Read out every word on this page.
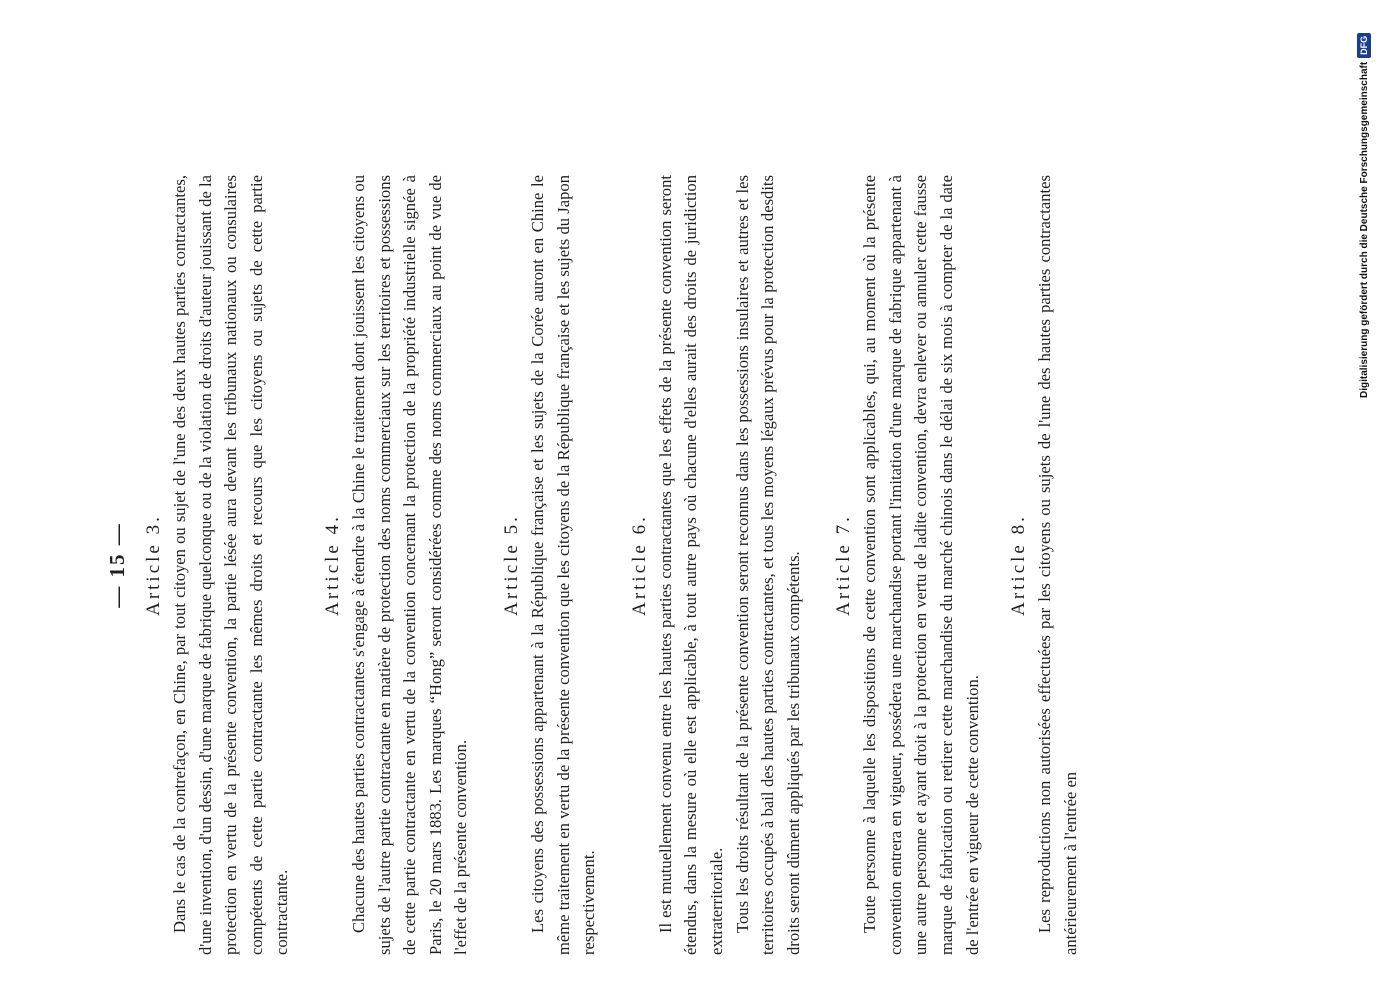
— 15 — Article 3. Dans le cas de la contrefaçon, en Chine, par tout citoyen ou sujet de l'une des deux hautes parties contractantes, d'une invention, d'un dessin, d'une marque de fabrique quelconque ou de la violation de droits d'auteur jouissant de la protection en vertu de la présente convention, la partie lésée aura devant les tribunaux nationaux ou consulaires compétents de cette partie contractante les mêmes droits et recours que les citoyens ou sujets de cette partie contractante.

Article 4. Chacune des hautes parties contractantes s'engage à étendre à la Chine le traitement dont jouissent les citoyens ou sujets de l'autre partie contractante en matière de protection des noms commerciaux sur les territoires et possessions de cette partie contractante en vertu de la convention concernant la protection de la propriété industrielle signée à Paris, le 20 mars 1883. Les marques “Hong” seront considérées comme des noms commerciaux au point de vue de l'effet de la présente convention.

Article 5. Les citoyens des possessions appartenant à la République française et les sujets de la Corée auront en Chine le même traitement en vertu de la présente convention que les citoyens de la République française et les sujets du Japon respectivement.

Article 6. Il est mutuellement convenu entre les hautes parties contractantes que les effets de la présente convention seront étendus, dans la mesure où elle est applicable, à tout autre pays où chacune d'elles aurait des droits de juridiction extraterritoriale. Tous les droits résultant de la présente convention seront reconnus dans les possessions insulaires et autres et les territoires occupés à bail des hautes parties contractantes, et tous les moyens légaux prévus pour la protection desdits droits seront dûment appliqués par les tribunaux compétents. Article 7. Toute personne à laquelle les dispositions de cette convention sont applicables, qui, au moment où la présente convention entrera en vigueur, possédera une marchandise portant l'imitation d'une marque de fabrique appartenant à une autre personne et ayant droit à la protection en vertu de ladite convention, devra enlever ou annuler cette fausse marque de fabrication ou retirer cette marchandise du marché chinois dans le délai de six mois à compter de la date de l'entrée en vigueur de cette convention.

Article 8. Les reproductions non autorisées effectuées par les citoyens ou sujets de l'une des hautes parties contractantes antérieurement à l'entrée en

Digitalisierung gefördert durch die Deutsche Forschungsgemeinschaft
DFG
